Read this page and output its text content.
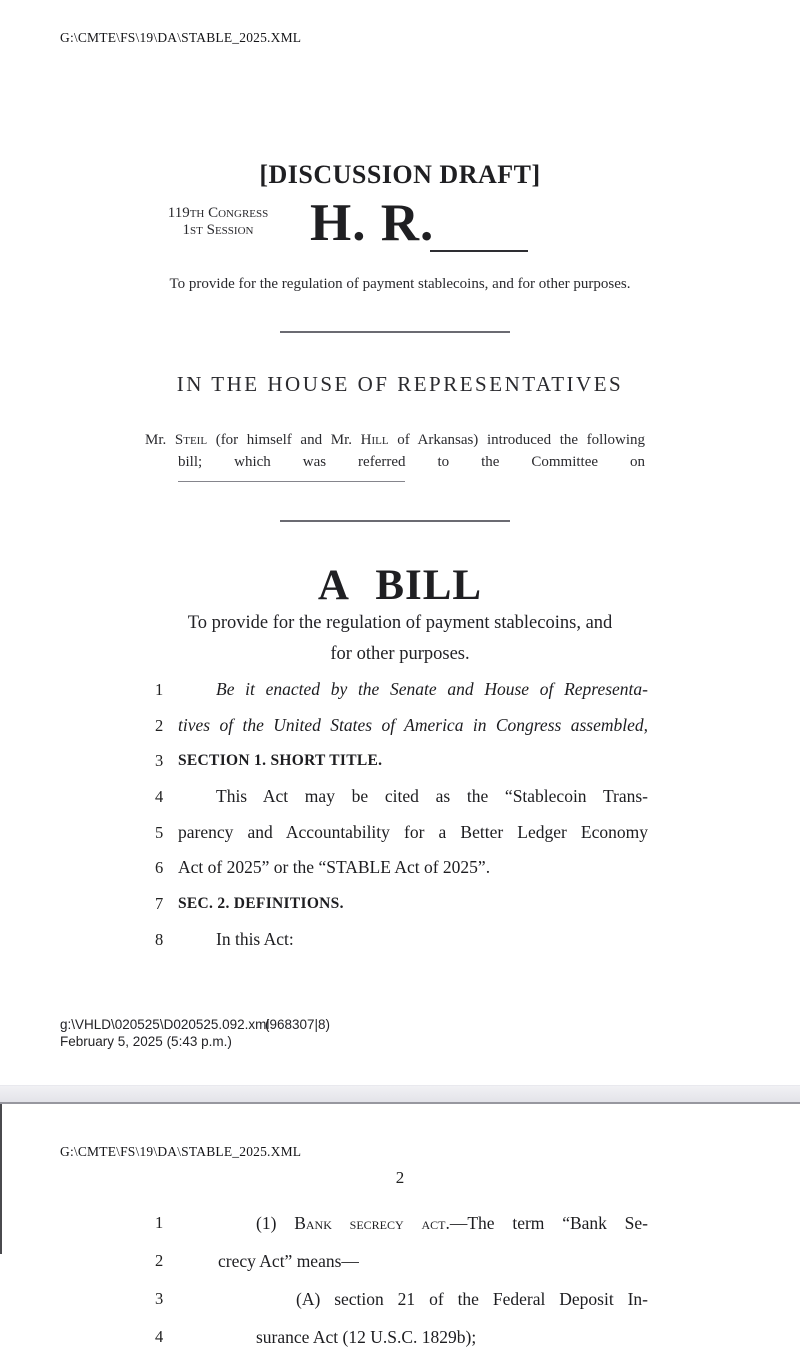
G:\CMTE\FS\19\DA\STABLE_2025.XML
[DISCUSSION DRAFT]
119th Congress
1st Session	H. R.
To provide for the regulation of payment stablecoins, and for other purposes.
IN THE HOUSE OF REPRESENTATIVES
Mr. Steil (for himself and Mr. Hill of Arkansas) introduced the following
bill; which was referred to the Committee on
A BILL
To provide for the regulation of payment stablecoins, and
for other purposes.
1	Be it enacted by the Senate and House of Representa-
2 tives of the United States of America in Congress assembled,
3 SECTION 1. SHORT TITLE.
4	This Act may be cited as the “Stablecoin Trans-
5 parency and Accountability for a Better Ledger Economy
6 Act of 2025” or the “STABLE Act of 2025”.
7 SEC. 2. DEFINITIONS.
8	In this Act:
g:\VHLD\020525\D020525.092.xml
(968307|8)
February 5, 2025 (5:43 p.m.)
G:\CMTE\FS\19\DA\STABLE_2025.XML
2
1	(1) Bank secrecy act.—The term “Bank Se-
2	crecy Act” means—
3	(A) section 21 of the Federal Deposit In-
4	surance Act (12 U.S.C. 1829b);
